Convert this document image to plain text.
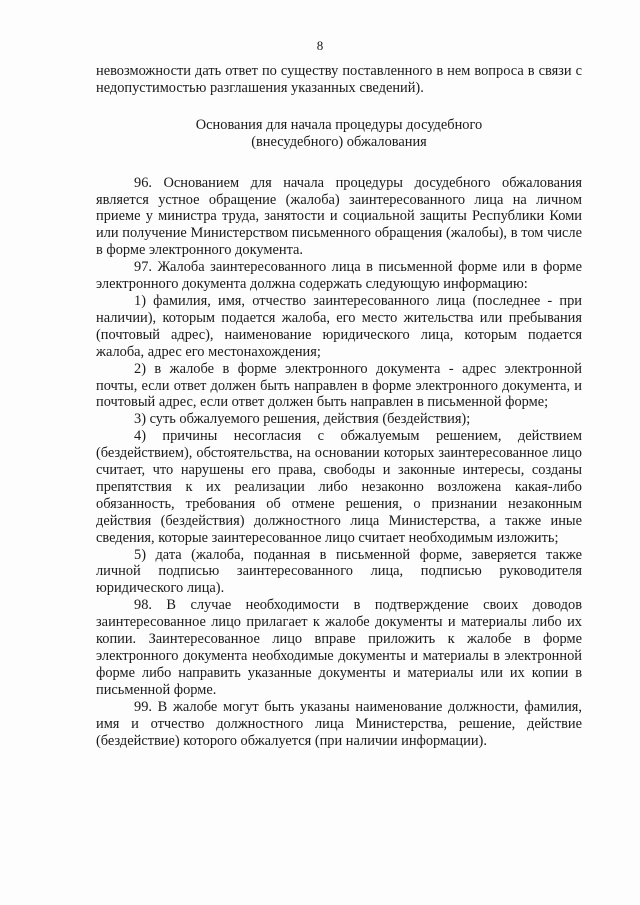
8

невозможности дать ответ по существу поставленного в нем вопроса в связи с недопустимостью разглашения указанных сведений).

Основания для начала процедуры досудебного
(внесудебного) обжалования

96. Основанием для начала процедуры досудебного обжалования является устное обращение (жалоба) заинтересованного лица на личном приеме у министра труда, занятости и социальной защиты Республики Коми или получение Министерством письменного обращения (жалобы), в том числе в форме электронного документа.

97. Жалоба заинтересованного лица в письменной форме или в форме электронного документа должна содержать следующую информацию:

1) фамилия, имя, отчество заинтересованного лица (последнее - при наличии), которым подается жалоба, его место жительства или пребывания (почтовый адрес), наименование юридического лица, которым подается жалоба, адрес его местонахождения;

2) в жалобе в форме электронного документа - адрес электронной почты, если ответ должен быть направлен в форме электронного документа, и почтовый адрес, если ответ должен быть направлен в письменной форме;

3) суть обжалуемого решения, действия (бездействия);

4) причины несогласия с обжалуемым решением, действием (бездействием), обстоятельства, на основании которых заинтересованное лицо считает, что нарушены его права, свободы и законные интересы, созданы препятствия к их реализации либо незаконно возложена какая-либо обязанность, требования об отмене решения, о признании незаконным действия (бездействия) должностного лица Министерства, а также иные сведения, которые заинтересованное лицо считает необходимым изложить;

5) дата (жалоба, поданная в письменной форме, заверяется также личной подписью заинтересованного лица, подписью руководителя юридического лица).

98. В случае необходимости в подтверждение своих доводов заинтересованное лицо прилагает к жалобе документы и материалы либо их копии. Заинтересованное лицо вправе приложить к жалобе в форме электронного документа необходимые документы и материалы в электронной форме либо направить указанные документы и материалы или их копии в письменной форме.

99. В жалобе могут быть указаны наименование должности, фамилия, имя и отчество должностного лица Министерства, решение, действие (бездействие) которого обжалуется (при наличии информации).
